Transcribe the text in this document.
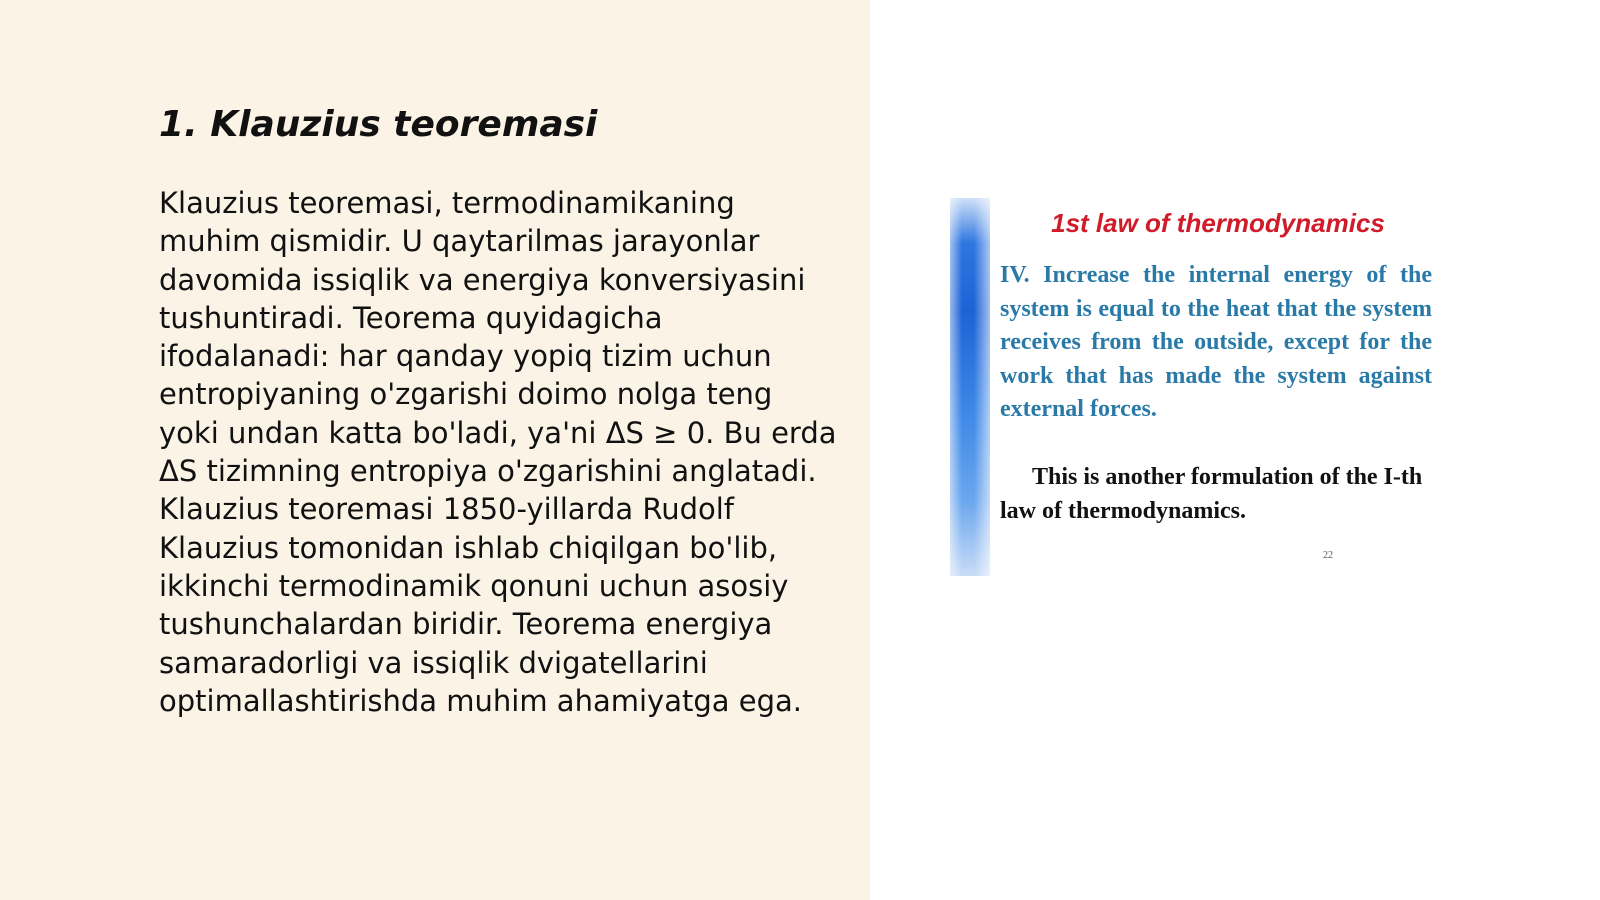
1. Klauzius teoremasi

Klauzius teoremasi, termodinamikaning muhim qismidir. U qaytarilmas jarayonlar davomida issiqlik va energiya konversiyasini tushuntiradi. Teorema quyidagicha ifodalanadi: har qanday yopiq tizim uchun entropiyaning o'zgarishi doimo nolga teng yoki undan katta bo'ladi, ya'ni ΔS ≥ 0. Bu erda ΔS tizimning entropiya o'zgarishini anglatadi. Klauzius teoremasi 1850-yillarda Rudolf Klauzius tomonidan ishlab chiqilgan bo'lib, ikkinchi termodinamik qonuni uchun asosiy tushunchalardan biridir. Teorema energiya samaradorligi va issiqlik dvigatellarini optimallashtirishda muhim ahamiyatga ega.

1st law of thermodynamics

IV. Increase the internal energy of the system is equal to the heat that the system receives from the outside, except for the work that has made the system against external forces.

This is another formulation of the I-th law of thermodynamics.

22
